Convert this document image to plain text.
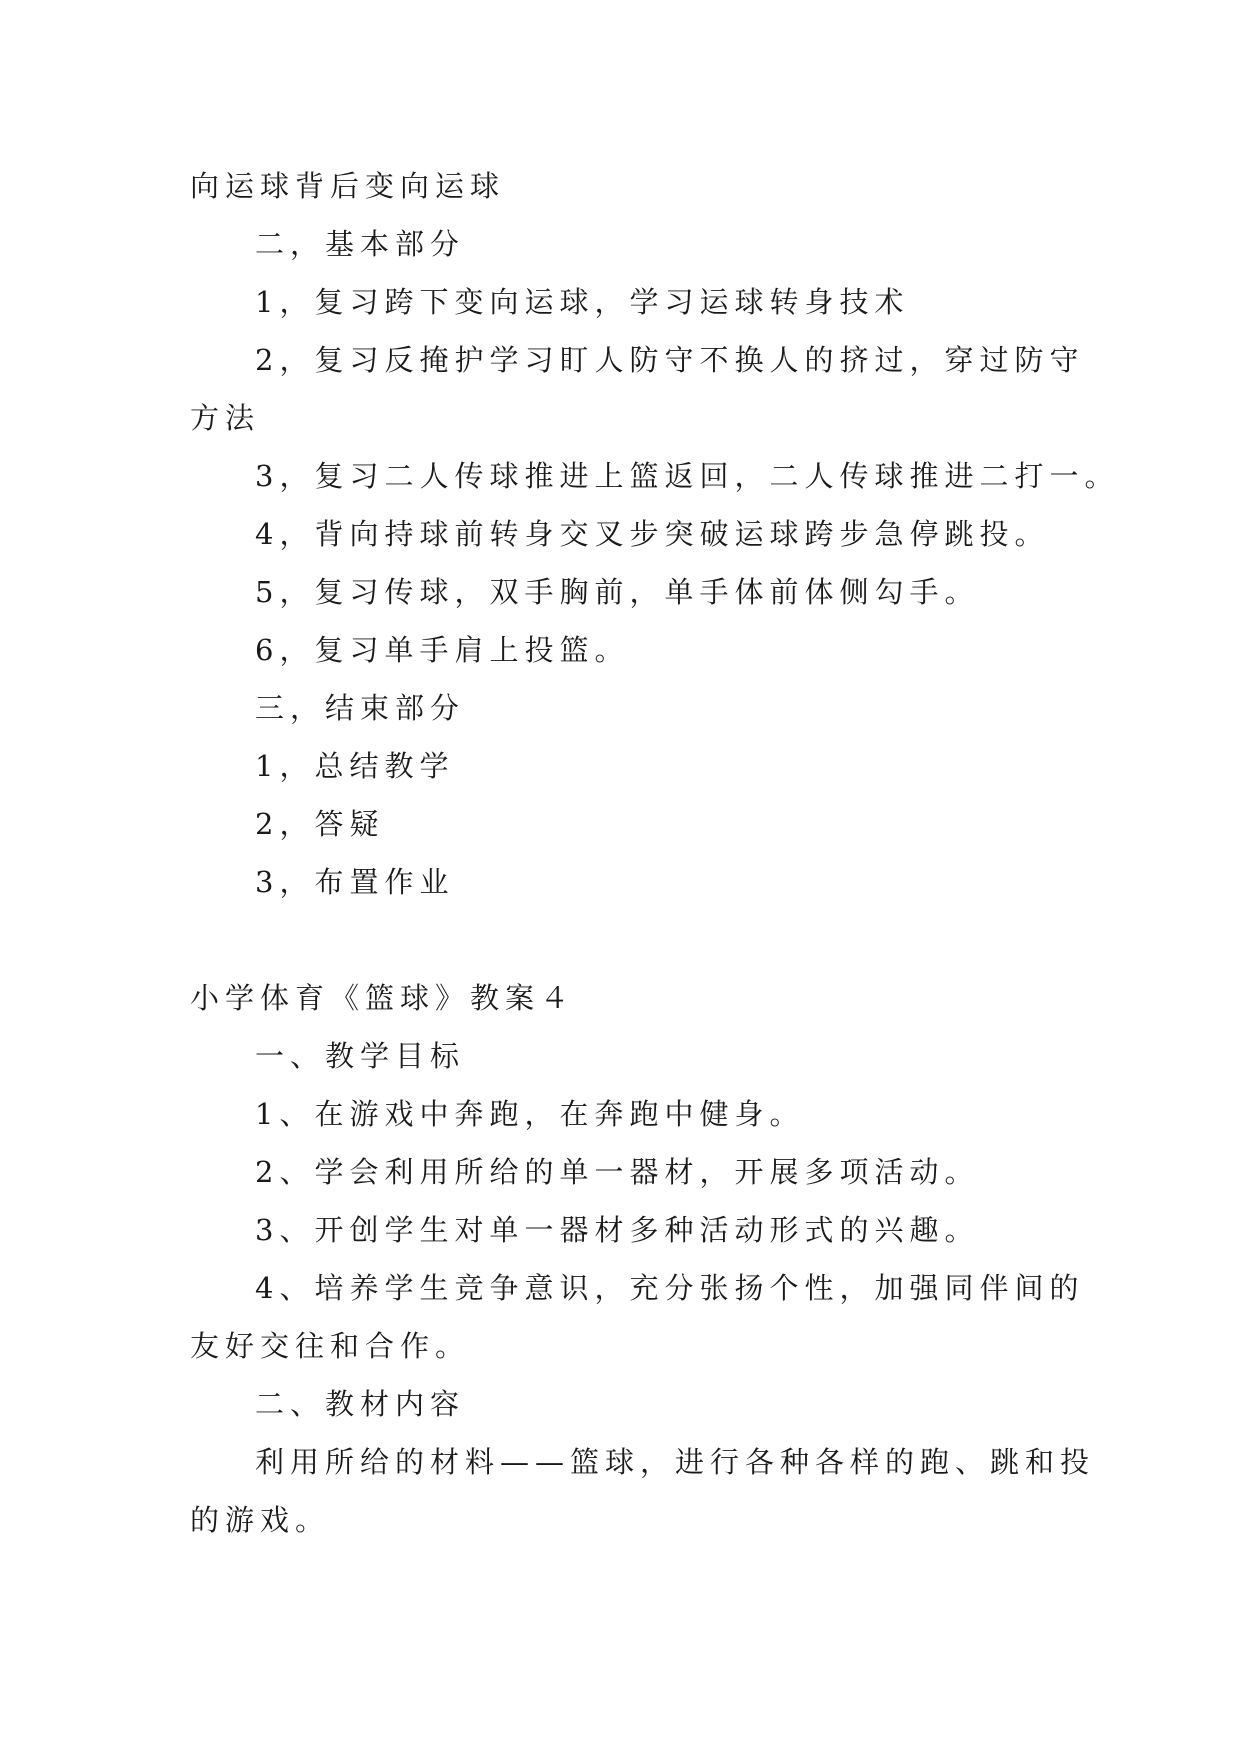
向运球背后变向运球
二，基本部分
1，复习跨下变向运球，学习运球转身技术
2，复习反掩护学习盯人防守不换人的挤过，穿过防守
方法
3，复习二人传球推进上篮返回，二人传球推进二打一。
4，背向持球前转身交叉步突破运球跨步急停跳投。
5，复习传球，双手胸前，单手体前体侧勾手。
6，复习单手肩上投篮。
三，结束部分
1，总结教学
2，答疑
3，布置作业
小学体育《篮球》教案４
一、教学目标
1、在游戏中奔跑，在奔跑中健身。
2、学会利用所给的单一器材，开展多项活动。
3、开创学生对单一器材多种活动形式的兴趣。
4、培养学生竞争意识，充分张扬个性，加强同伴间的
友好交往和合作。
二、教材内容
利用所给的材料——篮球，进行各种各样的跑、跳和投
的游戏。
